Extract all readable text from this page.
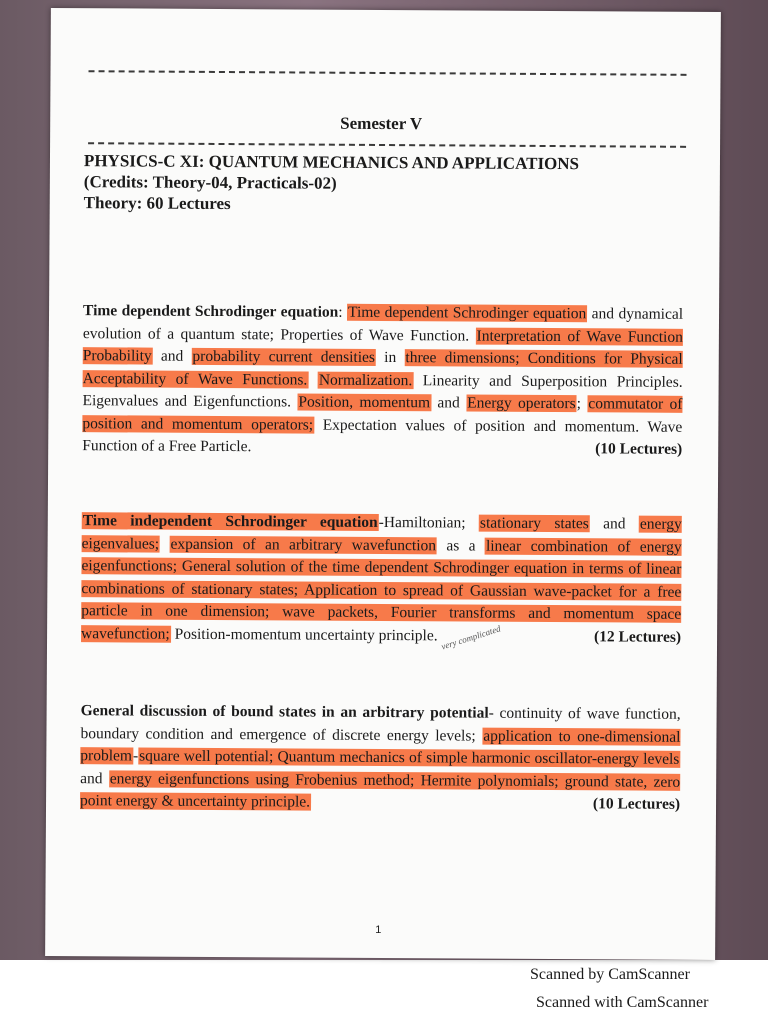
Semester V
PHYSICS-C XI: QUANTUM MECHANICS AND APPLICATIONS
(Credits: Theory-04, Practicals-02)
Theory: 60 Lectures
Time dependent Schrodinger equation: Time dependent Schrodinger equation and dynamical evolution of a quantum state; Properties of Wave Function. Interpretation of Wave Function Probability and probability current densities in three dimensions; Conditions for Physical Acceptability of Wave Functions. Normalization. Linearity and Superposition Principles. Eigenvalues and Eigenfunctions. Position, momentum and Energy operators; commutator of position and momentum operators; Expectation values of position and momentum. Wave Function of a Free Particle.	(10 Lectures)
Time independent Schrodinger equation-Hamiltonian; stationary states and energy eigenvalues; expansion of an arbitrary wavefunction as a linear combination of energy eigenfunctions; General solution of the time dependent Schrodinger equation in terms of linear combinations of stationary states; Application to spread of Gaussian wave-packet for a free particle in one dimension; wave packets, Fourier transforms and momentum space wavefunction; Position-momentum uncertainty principle. very complicated	(12 Lectures)
General discussion of bound states in an arbitrary potential- continuity of wave function, boundary condition and emergence of discrete energy levels; application to one-dimensional problem-square well potential; Quantum mechanics of simple harmonic oscillator-energy levels and energy eigenfunctions using Frobenius method; Hermite polynomials; ground state, zero point energy & uncertainty principle.	(10 Lectures)
1
Scanned by CamScanner
Scanned with CamScanner
